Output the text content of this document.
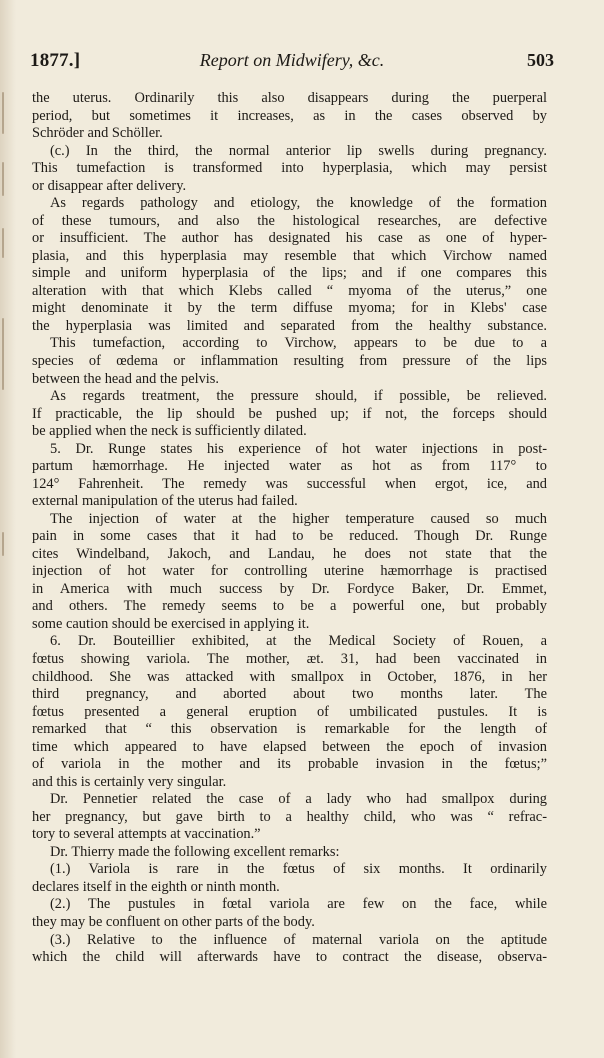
1877.]	Report on Midwifery, &c.	503
the uterus. Ordinarily this also disappears during the puerperal
period, but sometimes it increases, as in the cases observed by
Schröder and Schöller.
(c.) In the third, the normal anterior lip swells during pregnancy.
This tumefaction is transformed into hyperplasia, which may persist
or disappear after delivery.
As regards pathology and etiology, the knowledge of the formation
of these tumours, and also the histological researches, are defective
or insufficient. The author has designated his case as one of hyper-
plasia, and this hyperplasia may resemble that which Virchow named
simple and uniform hyperplasia of the lips; and if one compares this
alteration with that which Klebs called “ myoma of the uterus,” one
might denominate it by the term diffuse myoma; for in Klebs' case
the hyperplasia was limited and separated from the healthy substance.
This tumefaction, according to Virchow, appears to be due to a
species of œdema or inflammation resulting from pressure of the lips
between the head and the pelvis.
As regards treatment, the pressure should, if possible, be relieved.
If practicable, the lip should be pushed up; if not, the forceps should
be applied when the neck is sufficiently dilated.
5. Dr. Runge states his experience of hot water injections in post-
partum hæmorrhage. He injected water as hot as from 117° to
124° Fahrenheit. The remedy was successful when ergot, ice, and
external manipulation of the uterus had failed.
The injection of water at the higher temperature caused so much
pain in some cases that it had to be reduced. Though Dr. Runge
cites Windelband, Jakoch, and Landau, he does not state that the
injection of hot water for controlling uterine hæmorrhage is practised
in America with much success by Dr. Fordyce Baker, Dr. Emmet,
and others. The remedy seems to be a powerful one, but probably
some caution should be exercised in applying it.
6. Dr. Bouteillier exhibited, at the Medical Society of Rouen, a
fœtus showing variola. The mother, æt. 31, had been vaccinated in
childhood. She was attacked with smallpox in October, 1876, in her
third pregnancy, and aborted about two months later. The
fœtus presented a general eruption of umbilicated pustules. It is
remarked that “ this observation is remarkable for the length of
time which appeared to have elapsed between the epoch of invasion
of variola in the mother and its probable invasion in the fœtus;”
and this is certainly very singular.
Dr. Pennetier related the case of a lady who had smallpox during
her pregnancy, but gave birth to a healthy child, who was “ refrac-
tory to several attempts at vaccination.”
Dr. Thierry made the following excellent remarks:
(1.) Variola is rare in the fœtus of six months. It ordinarily
declares itself in the eighth or ninth month.
(2.) The pustules in fœtal variola are few on the face, while
they may be confluent on other parts of the body.
(3.) Relative to the influence of maternal variola on the aptitude
which the child will afterwards have to contract the disease, observa-
